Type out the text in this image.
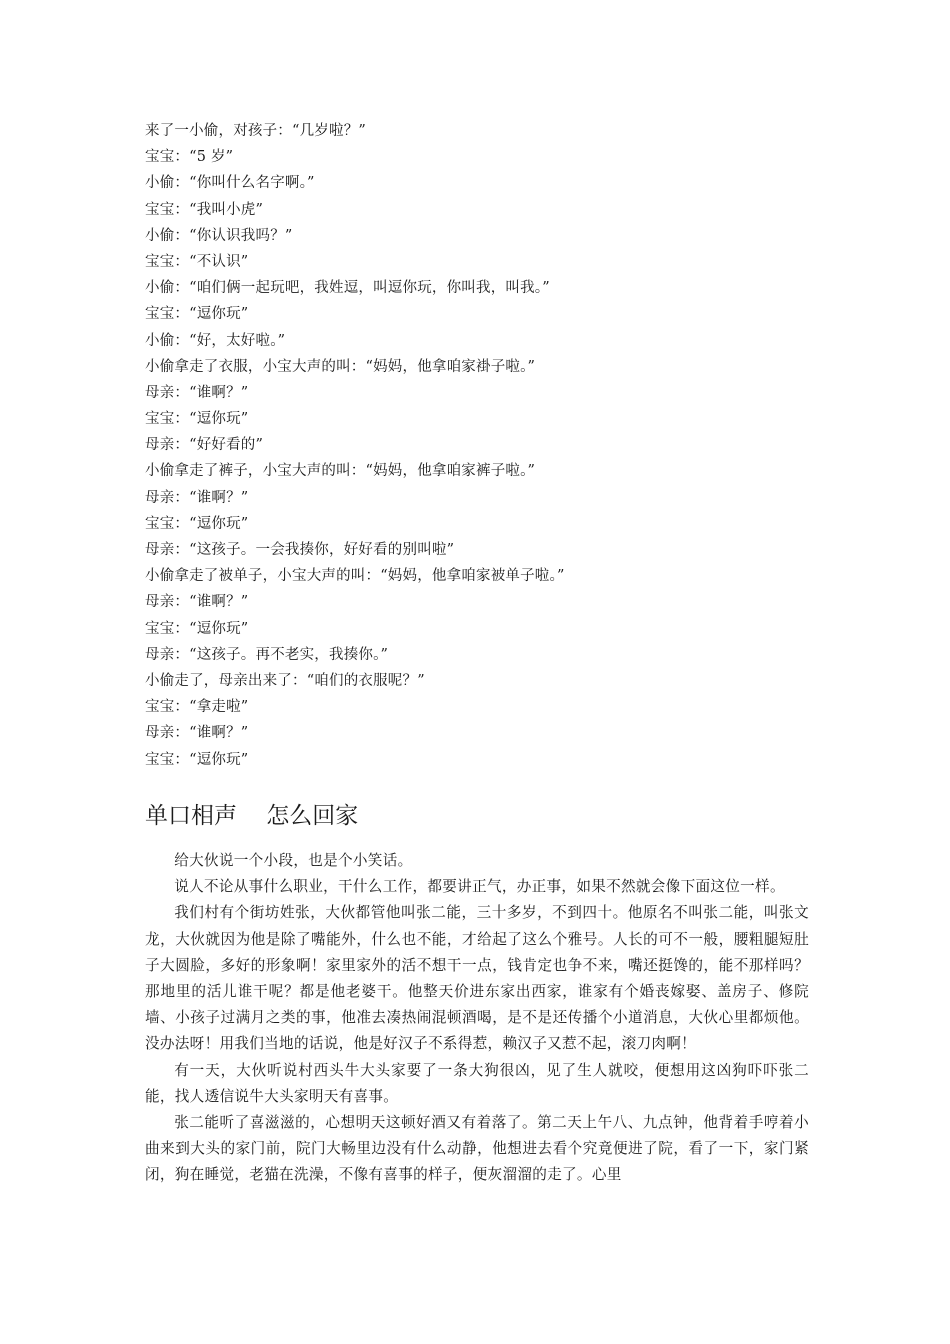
来了一小偷，对孩子：“几岁啦？”
宝宝：“5 岁”
小偷：“你叫什么名字啊。”
宝宝：“我叫小虎”
小偷：“你认识我吗？”
宝宝：“不认识”
小偷：“咱们俩一起玩吧，我姓逗，叫逗你玩，你叫我，叫我。”
宝宝：“逗你玩”
小偷：“好，太好啦。”
小偷拿走了衣服，小宝大声的叫：“妈妈，他拿咱家褂子啦。”
母亲：“谁啊？”
宝宝：“逗你玩”
母亲：“好好看的”
小偷拿走了裤子，小宝大声的叫：“妈妈，他拿咱家裤子啦。”
母亲：“谁啊？”
宝宝：“逗你玩”
母亲：“这孩子。一会我揍你，好好看的别叫啦”
小偷拿走了被单子，小宝大声的叫：“妈妈，他拿咱家被单子啦。”
母亲：“谁啊？”
宝宝：“逗你玩”
母亲：“这孩子。再不老实，我揍你。”
小偷走了，母亲出来了：“咱们的衣服呢？”
宝宝：“拿走啦”
母亲：“谁啊？”
宝宝：“逗你玩”
单口相声    怎么回家

给大伙说一个小段，也是个小笑话。

说人不论从事什么职业，干什么工作，都要讲正气，办正事，如果不然就会像下面这位一样。

我们村有个街坊姓张，大伙都管他叫张二能，三十多岁，不到四十。他原名不叫张二能，叫张文龙，大伙就因为他是除了嘴能外，什么也不能，才给起了这么个雅号。人长的可不一般，腰粗腿短肚子大圆脸，多好的形象啊！家里家外的活不想干一点，钱肯定也争不来，嘴还挺馋的，能不那样吗？那地里的活儿谁干呢？都是他老婆干。他整天价进东家出西家，谁家有个婚丧嫁娶、盖房子、修院墙、小孩子过满月之类的事，他准去凑热闹混顿酒喝，是不是还传播个小道消息，大伙心里都烦他。没办法呀！用我们当地的话说，他是好汉子不系得惹，赖汉子又惹不起，滚刀肉啊！

有一天，大伙听说村西头牛大头家要了一条大狗很凶，见了生人就咬，便想用这凶狗吓吓张二能，找人透信说牛大头家明天有喜事。

张二能听了喜滋滋的，心想明天这顿好酒又有着落了。第二天上午八、九点钟，他背着手哼着小曲来到大头的家门前，院门大畅里边没有什么动静，他想进去看个究竟便进了院，看了一下，家门紧闭，狗在睡觉，老猫在洗澡，不像有喜事的样子，便灰溜溜的走了。心里
